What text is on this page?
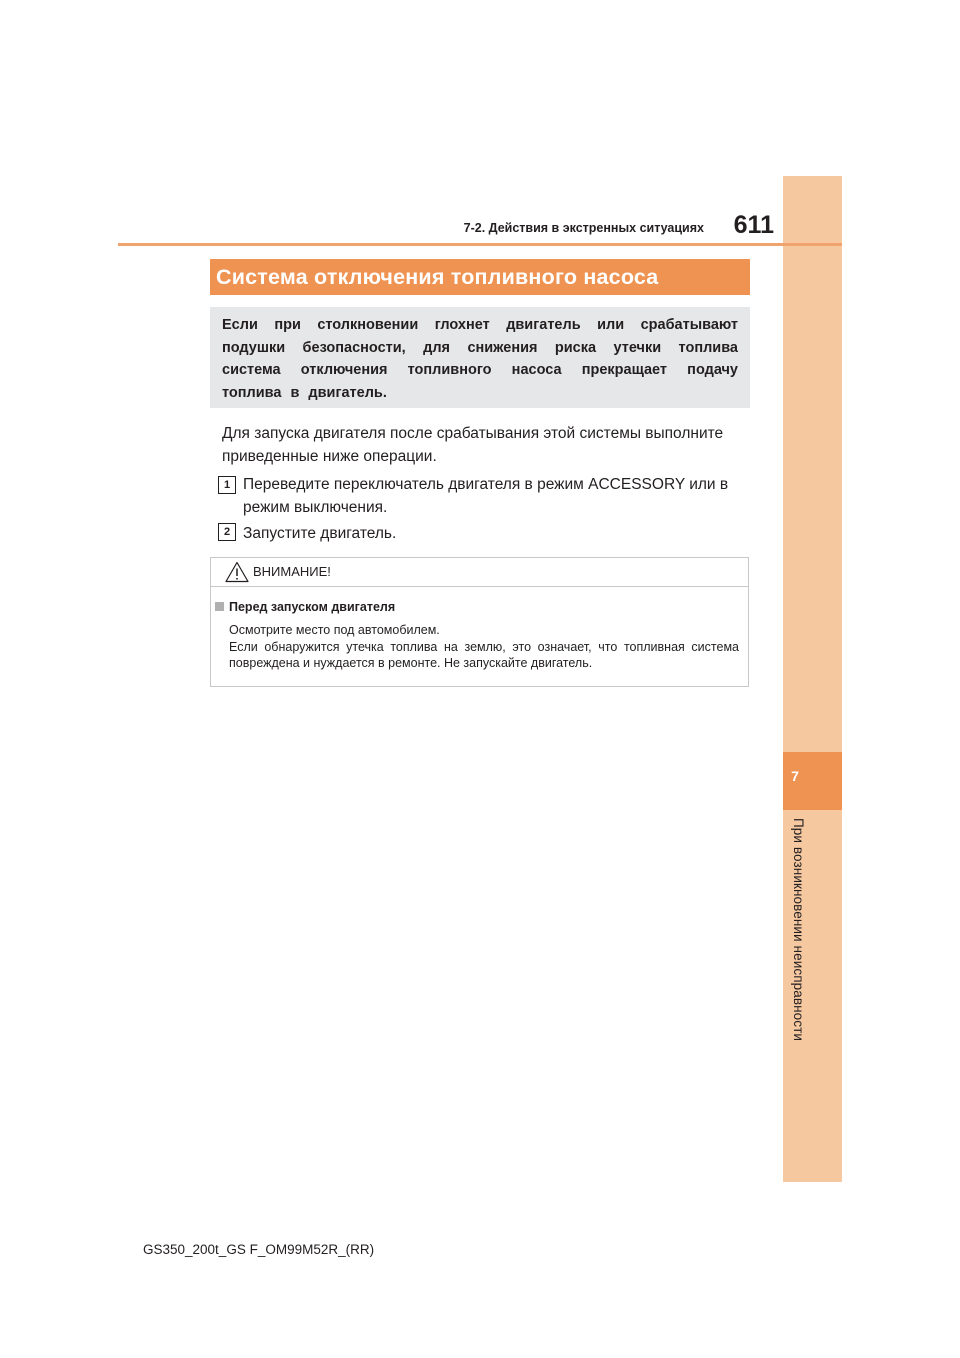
7
При возникновении неисправности
7-2. Действия в экстренных ситуациях	611
Система отключения топливного насоса
Если при столкновении глохнет двигатель или срабатывают подушки безопасности, для снижения риска утечки топлива система отключения топливного насоса прекращает подачу топлива в двигатель.
Для запуска двигателя после срабатывания этой системы выполните приведенные ниже операции.
1 Переведите переключатель двигателя в режим ACCESSORY или в режим выключения.
2 Запустите двигатель.
ВНИМАНИЕ!
Перед запуском двигателя
Осмотрите место под автомобилем.
Если обнаружится утечка топлива на землю, это означает, что топливная система повреждена и нуждается в ремонте. Не запускайте двигатель.
GS350_200t_GS F_OM99M52R_(RR)
